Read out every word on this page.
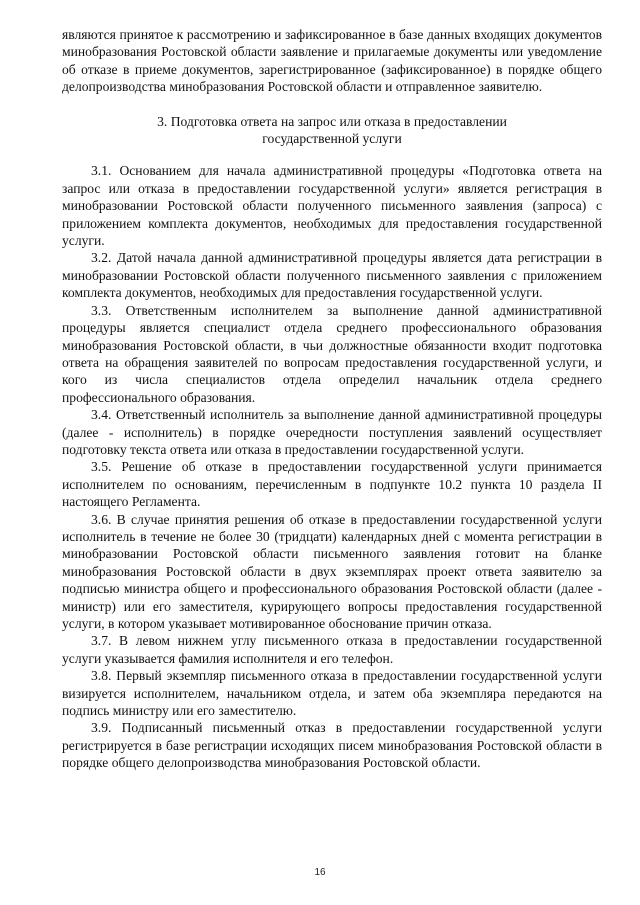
являются принятое к рассмотрению и зафиксированное в базе данных входящих документов минобразования Ростовской области заявление и прилагаемые документы или уведомление об отказе в приеме документов, зарегистрированное (зафиксированное) в порядке общего делопроизводства минобразования Ростовской области и отправленное заявителю.

3. Подготовка ответа на запрос или отказа в предоставлении
государственной услуги

3.1. Основанием для начала административной процедуры «Подготовка ответа на запрос или отказа в предоставлении государственной услуги» является регистрация в минобразовании Ростовской области полученного письменного заявления (запроса) с приложением комплекта документов, необходимых для предоставления государственной услуги.

3.2. Датой начала данной административной процедуры является дата регистрации в минобразовании Ростовской области полученного письменного заявления с приложением комплекта документов, необходимых для предоставления государственной услуги.

3.3. Ответственным исполнителем за выполнение данной административной процедуры является специалист отдела среднего профессионального образования минобразования Ростовской области, в чьи должностные обязанности входит подготовка ответа на обращения заявителей по вопросам предоставления государственной услуги, и кого из числа специалистов отдела определил начальник отдела среднего профессионального образования.

3.4. Ответственный исполнитель за выполнение данной административной процедуры (далее - исполнитель) в порядке очередности поступления заявлений осуществляет подготовку текста ответа или отказа в предоставлении государственной услуги.

3.5. Решение об отказе в предоставлении государственной услуги принимается исполнителем по основаниям, перечисленным в подпункте 10.2 пункта 10 раздела II настоящего Регламента.

3.6. В случае принятия решения об отказе в предоставлении государственной услуги исполнитель в течение не более 30 (тридцати) календарных дней с момента регистрации в минобразовании Ростовской области письменного заявления готовит на бланке минобразования Ростовской области в двух экземплярах проект ответа заявителю за подписью министра общего и профессионального образования Ростовской области (далее - министр) или его заместителя, курирующего вопросы предоставления государственной услуги, в котором указывает мотивированное обоснование причин отказа.

3.7. В левом нижнем углу письменного отказа в предоставлении государственной услуги указывается фамилия исполнителя и его телефон.

3.8. Первый экземпляр письменного отказа в предоставлении государственной услуги визируется исполнителем, начальником отдела, и затем оба экземпляра передаются на подпись министру или его заместителю.

3.9. Подписанный письменный отказ в предоставлении государственной услуги регистрируется в базе регистрации исходящих писем минобразования Ростовской области в порядке общего делопроизводства минобразования Ростовской области.

16
